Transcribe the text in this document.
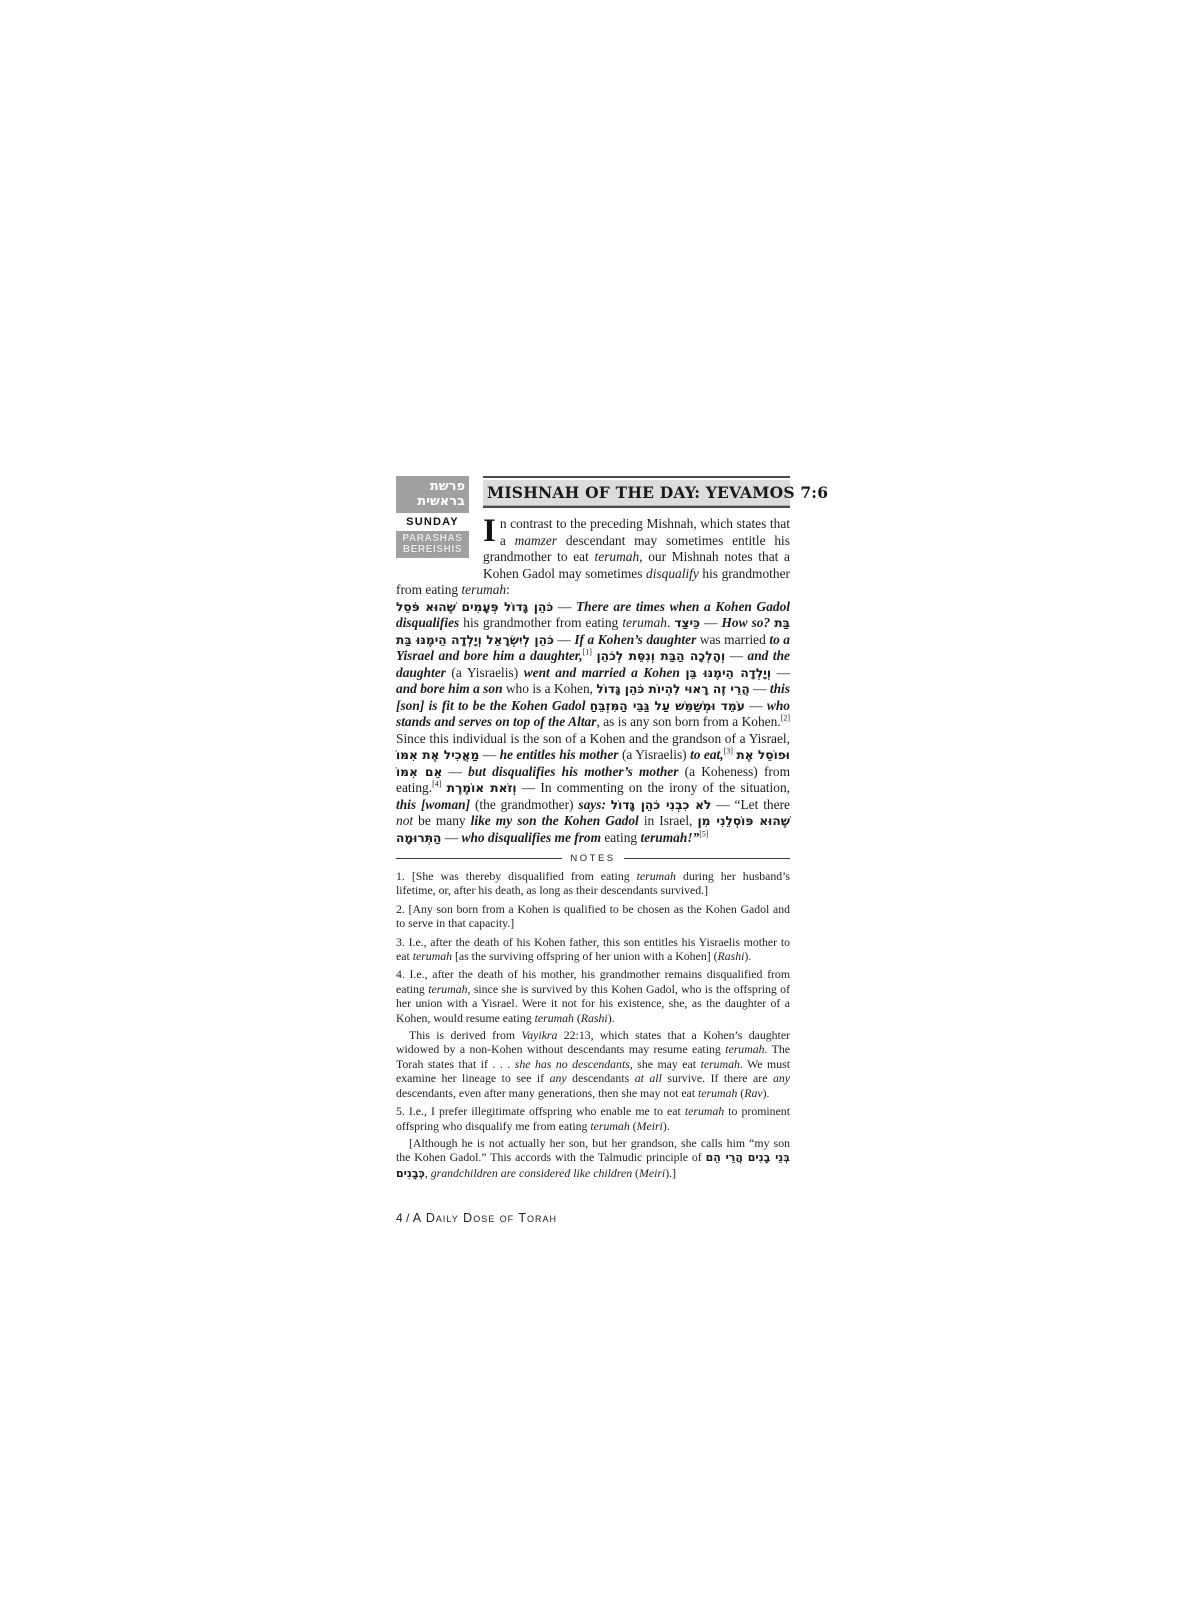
פרשת
בראשית
SUNDAY
PARASHAS
BEREISHIS
MISHNAH OF THE DAY: YEVAMOS 7:6

In contrast to the preceding Mishnah, which states that a mamzer descendant may sometimes entitle his grandmother to eat terumah, our Mishnah notes that a Kohen Gadol may sometimes disqualify his grandmother from eating terumah:

כֹּהֵן גָּדוֹל פְּעָמִים שֶׁהוּא פֹּסֵל — There are times when a Kohen Gadol disqualifies his grandmother from eating terumah. כֵּיצַד — How so? בַּת כֹּהֵן לְיִשְׂרָאֵל וְיָלְדָה הֵימֶנּוּ בַּת — If a Kohen’s daughter was married to a Yisrael and bore him a daughter,[1] וְהָלְכָה הַבַּת וְנִסֵּת לְכֹהֵן — and the daughter (a Yisraelis) went and married a Kohen וְיָלְדָה הֵימֶנּוּ בֵּן — and bore him a son who is a Kohen, הֲרֵי זֶה רָאוּי לִהְיוֹת כֹּהֵן גָּדוֹל — this [son] is fit to be the Kohen Gadol עֹמֵד וּמְשַׁמֵּשׁ עַל גַּבֵּי הַמִּזְבֵּחַ — who stands and serves on top of the Altar, as is any son born from a Kohen.[2] Since this individual is the son of a Kohen and the grandson of a Yisrael, מַאֲכִיל אֶת אִמּוֹ — he entitles his mother (a Yisraelis) to eat,[3] וּפוֹסֵל אֶת אֵם אִמּוֹ — but disqualifies his mother’s mother (a Koheness) from eating.[4] וְזֹאת אוֹמֶרֶת — In commenting on the irony of the situation, this [woman] (the grandmother) says: לֹא כִבְנִי כֹהֵן גָּדוֹל — “Let there not be many like my son the Kohen Gadol in Israel, שֶׁהוּא פּוֹסְלֵנִי מִן הַתְּרוּמָה — who disqualifies me from eating terumah!”[5]

NOTES

1. [She was thereby disqualified from eating terumah during her husband’s lifetime, or, after his death, as long as their descendants survived.]

2. [Any son born from a Kohen is qualified to be chosen as the Kohen Gadol and to serve in that capacity.]

3. I.e., after the death of his Kohen father, this son entitles his Yisraelis mother to eat terumah [as the surviving offspring of her union with a Kohen] (Rashi).

4. I.e., after the death of his mother, his grandmother remains disqualified from eating terumah, since she is survived by this Kohen Gadol, who is the offspring of her union with a Yisrael. Were it not for his existence, she, as the daughter of a Kohen, would resume eating terumah (Rashi).

This is derived from Vayikra 22:13, which states that a Kohen’s daughter widowed by a non-Kohen without descendants may resume eating terumah. The Torah states that if . . . she has no descendants, she may eat terumah. We must examine her lineage to see if any descendants at all survive. If there are any descendants, even after many generations, then she may not eat terumah (Rav).

5. I.e., I prefer illegitimate offspring who enable me to eat terumah to prominent offspring who disqualify me from eating terumah (Meiri).

[Although he is not actually her son, but her grandson, she calls him “my son the Kohen Gadol.” This accords with the Talmudic principle of בְּנֵי בָנִים הֲרֵי הֵם כְּבָנִים, grandchildren are considered like children (Meiri).]

4 / A Daily Dose of Torah
